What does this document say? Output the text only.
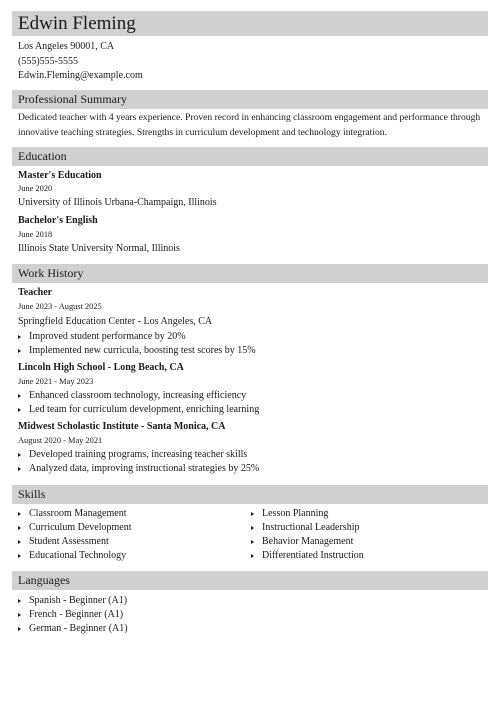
Edwin Fleming
Los Angeles 90001, CA
(555)555-5555
Edwin.Fleming@example.com
Professional Summary
Dedicated teacher with 4 years experience. Proven record in enhancing classroom engagement and performance through innovative teaching strategies. Strengths in curriculum development and technology integration.
Education
Master's Education
June 2020
University of Illinois Urbana-Champaign, Illinois
Bachelor's English
June 2018
Illinois State University Normal, Illinois
Work History
Teacher
June 2023 - August 2025
Springfield Education Center - Los Angeles, CA
Improved student performance by 20%
Implemented new curricula, boosting test scores by 15%
Lincoln High School - Long Beach, CA
June 2021 - May 2023
Enhanced classroom technology, increasing efficiency
Led team for curriculum development, enriching learning
Midwest Scholastic Institute - Santa Monica, CA
August 2020 - May 2021
Developed training programs, increasing teacher skills
Analyzed data, improving instructional strategies by 25%
Skills
Classroom Management
Curriculum Development
Student Assessment
Educational Technology
Lesson Planning
Instructional Leadership
Behavior Management
Differentiated Instruction
Languages
Spanish - Beginner (A1)
French - Beginner (A1)
German - Beginner (A1)
